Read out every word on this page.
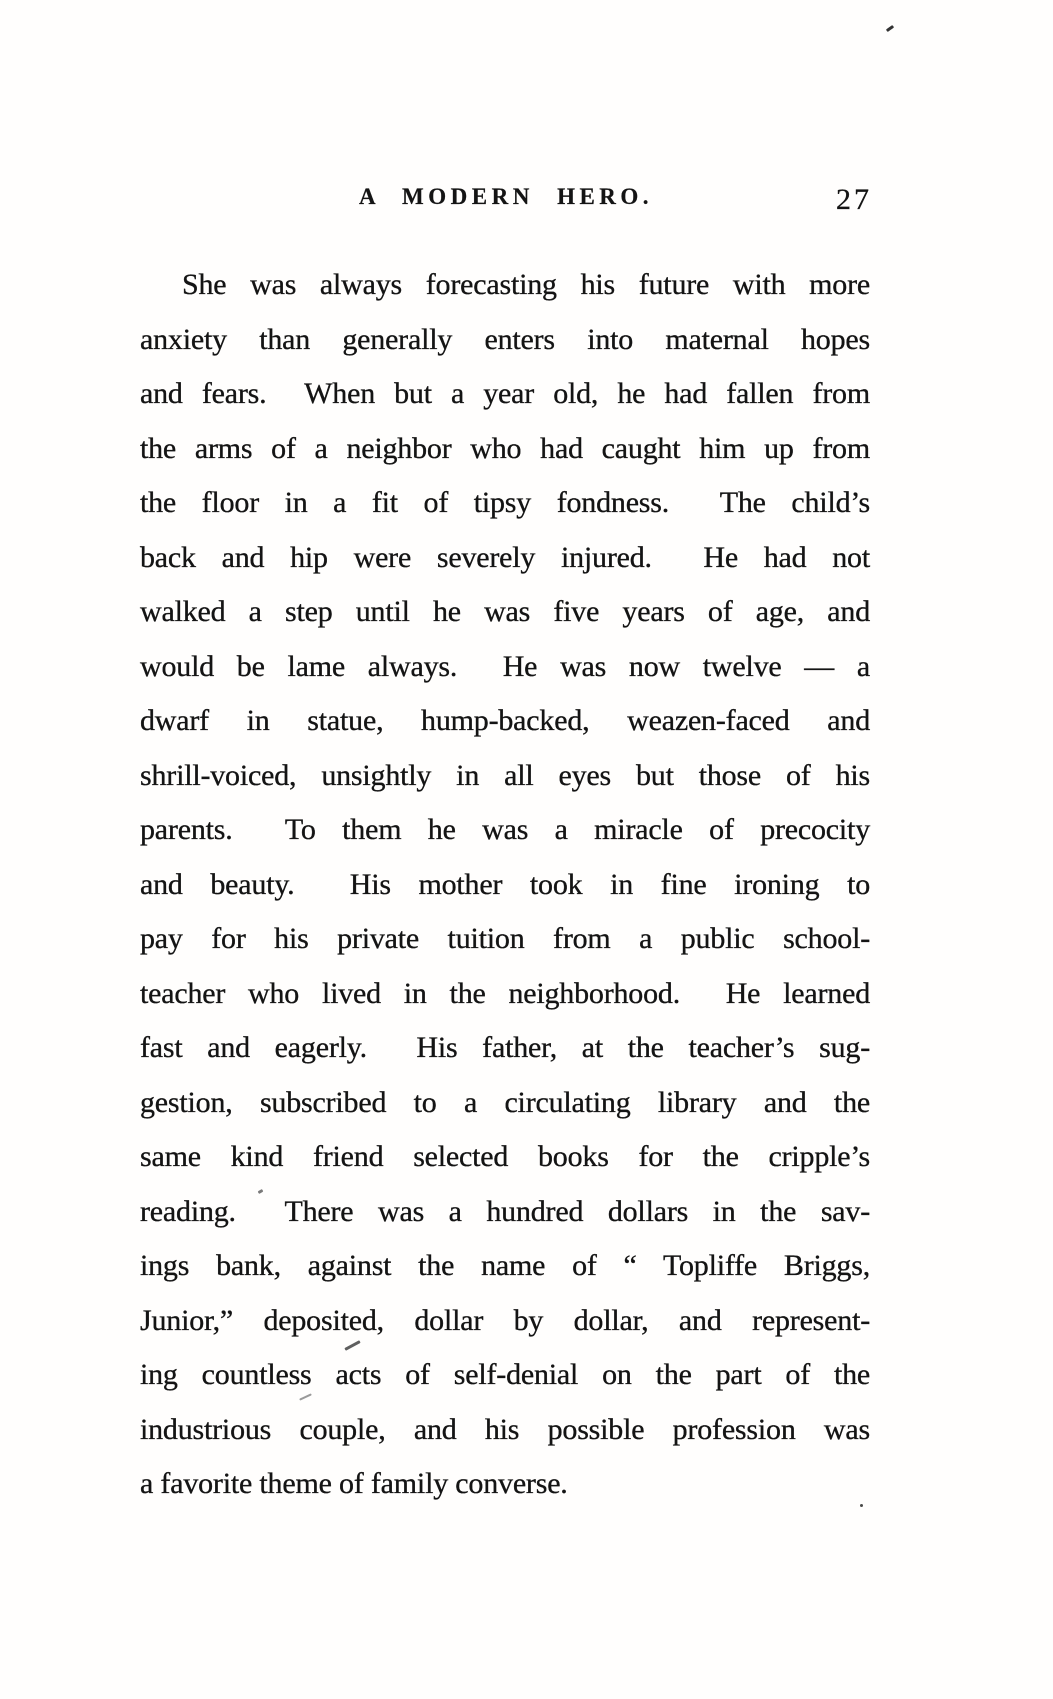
A MODERN HERO.	27
She was always forecasting his future with more
anxiety than generally enters into maternal hopes
and fears.  When but a year old, he had fallen from
the arms of a neighbor who had caught him up from
the floor in a fit of tipsy fondness.  The child’s
back and hip were severely injured.  He had not
walked a step until he was five years of age, and
would be lame always.  He was now twelve — a
dwarf in statue, hump-backed, weazen-faced and
shrill-voiced, unsightly in all eyes but those of his
parents.  To them he was a miracle of precocity
and beauty.  His mother took in fine ironing to
pay for his private tuition from a public school-
teacher who lived in the neighborhood.  He learned
fast and eagerly.  His father, at the teacher’s sug-
gestion, subscribed to a circulating library and the
same kind friend selected books for the cripple’s
reading.  There was a hundred dollars in the sav-
ings bank, against the name of “ Topliffe Briggs,
Junior,” deposited, dollar by dollar, and represent-
ing countless acts of self-denial on the part of the
industrious couple, and his possible profession was
a favorite theme of family converse.
